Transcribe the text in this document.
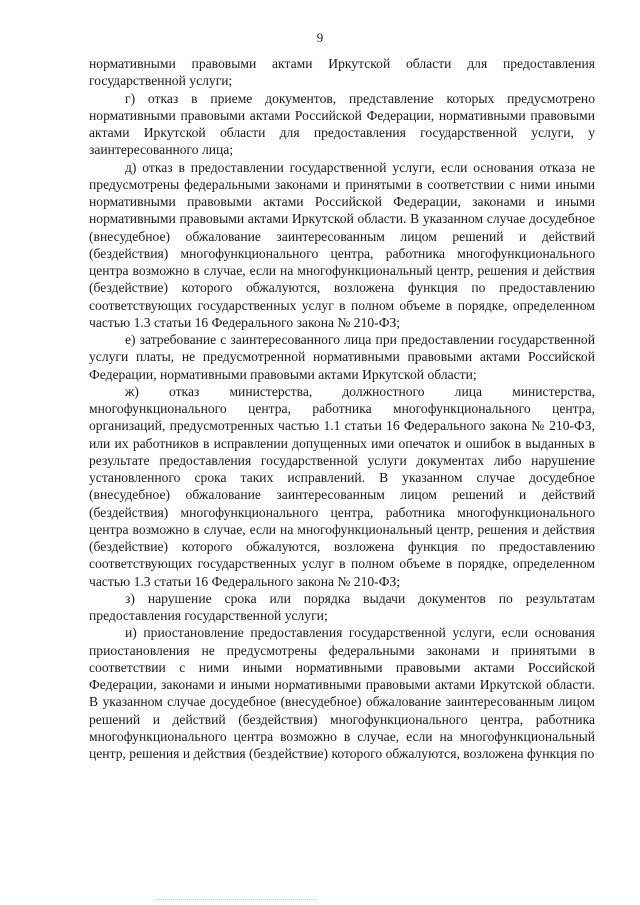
9

нормативными правовыми актами Иркутской области для предоставления государственной услуги;

г) отказ в приеме документов, представление которых предусмотрено нормативными правовыми актами Российской Федерации, нормативными правовыми актами Иркутской области для предоставления государственной услуги, у заинтересованного лица;

д) отказ в предоставлении государственной услуги, если основания отказа не предусмотрены федеральными законами и принятыми в соответствии с ними иными нормативными правовыми актами Российской Федерации, законами и иными нормативными правовыми актами Иркутской области. В указанном случае досудебное (внесудебное) обжалование заинтересованным лицом решений и действий (бездействия) многофункционального центра, работника многофункционального центра возможно в случае, если на многофункциональный центр, решения и действия (бездействие) которого обжалуются, возложена функция по предоставлению соответствующих государственных услуг в полном объеме в порядке, определенном частью 1.3 статьи 16 Федерального закона № 210-ФЗ;

е) затребование с заинтересованного лица при предоставлении государственной услуги платы, не предусмотренной нормативными правовыми актами Российской Федерации, нормативными правовыми актами Иркутской области;

ж) отказ министерства, должностного лица министерства, многофункционального центра, работника многофункционального центра, организаций, предусмотренных частью 1.1 статьи 16 Федерального закона № 210-ФЗ, или их работников в исправлении допущенных ими опечаток и ошибок в выданных в результате предоставления государственной услуги документах либо нарушение установленного срока таких исправлений. В указанном случае досудебное (внесудебное) обжалование заинтересованным лицом решений и действий (бездействия) многофункционального центра, работника многофункционального центра возможно в случае, если на многофункциональный центр, решения и действия (бездействие) которого обжалуются, возложена функция по предоставлению соответствующих государственных услуг в полном объеме в порядке, определенном частью 1.3 статьи 16 Федерального закона № 210-ФЗ;

з) нарушение срока или порядка выдачи документов по результатам предоставления государственной услуги;

и) приостановление предоставления государственной услуги, если основания приостановления не предусмотрены федеральными законами и принятыми в соответствии с ними иными нормативными правовыми актами Российской Федерации, законами и иными нормативными правовыми актами Иркутской области. В указанном случае досудебное (внесудебное) обжалование заинтересованным лицом решений и действий (бездействия) многофункционального центра, работника многофункционального центра возможно в случае, если на многофункциональный центр, решения и действия (бездействие) которого обжалуются, возложена функция по
